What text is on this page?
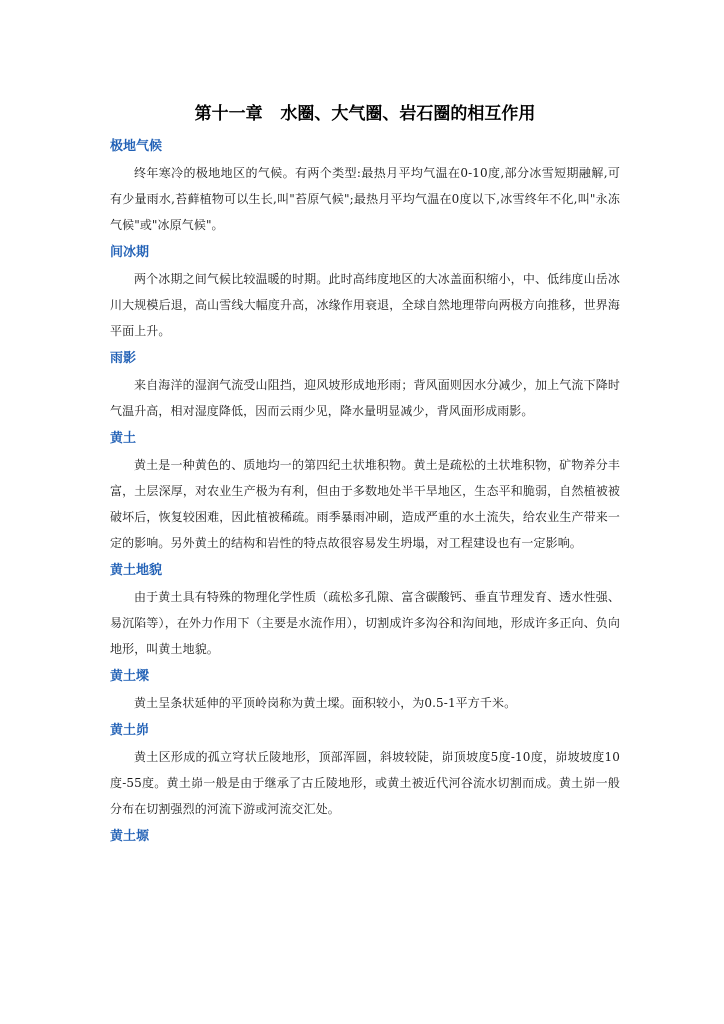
第十一章   水圈、大气圈、岩石圈的相互作用
极地气候

终年寒冷的极地地区的气候。有两个类型:最热月平均气温在0-10度,部分冰雪短期融解,可有少量雨水,苔藓植物可以生长,叫"苔原气候";最热月平均气温在0度以下,冰雪终年不化,叫"永冻气候"或"冰原气候"。

间冰期

两个冰期之间气候比较温暖的时期。此时高纬度地区的大冰盖面积缩小，中、低纬度山岳冰川大规模后退，高山雪线大幅度升高，冰缘作用衰退，全球自然地理带向两极方向推移，世界海平面上升。

雨影

来自海洋的湿润气流受山阻挡，迎风坡形成地形雨；背风面则因水分减少，加上气流下降时气温升高，相对湿度降低，因而云雨少见，降水量明显减少，背风面形成雨影。

黄土

黄土是一种黄色的、质地均一的第四纪土状堆积物。黄土是疏松的土状堆积物，矿物养分丰富，土层深厚，对农业生产极为有利，但由于多数地处半干旱地区，生态平和脆弱，自然植被被破坏后，恢复较困难，因此植被稀疏。雨季暴雨冲刷，造成严重的水土流失，给农业生产带来一定的影响。另外黄土的结构和岩性的特点故很容易发生坍塌，对工程建设也有一定影响。

黄土地貌

由于黄土具有特殊的物理化学性质（疏松多孔隙、富含碳酸钙、垂直节理发育、透水性强、易沉陷等），在外力作用下（主要是水流作用），切割成许多沟谷和沟间地，形成许多正向、负向地形，叫黄土地貌。

黄土墚

黄土呈条状延伸的平顶岭岗称为黄土墚。面积较小，为0.5-1平方千米。

黄土峁

黄土区形成的孤立穹状丘陵地形，顶部浑圆，斜坡较陡，峁顶坡度5度-10度，峁坡坡度10度-55度。黄土峁一般是由于继承了古丘陵地形，或黄土被近代河谷流水切割而成。黄土峁一般分布在切割强烈的河流下游或河流交汇处。

黄土塬
